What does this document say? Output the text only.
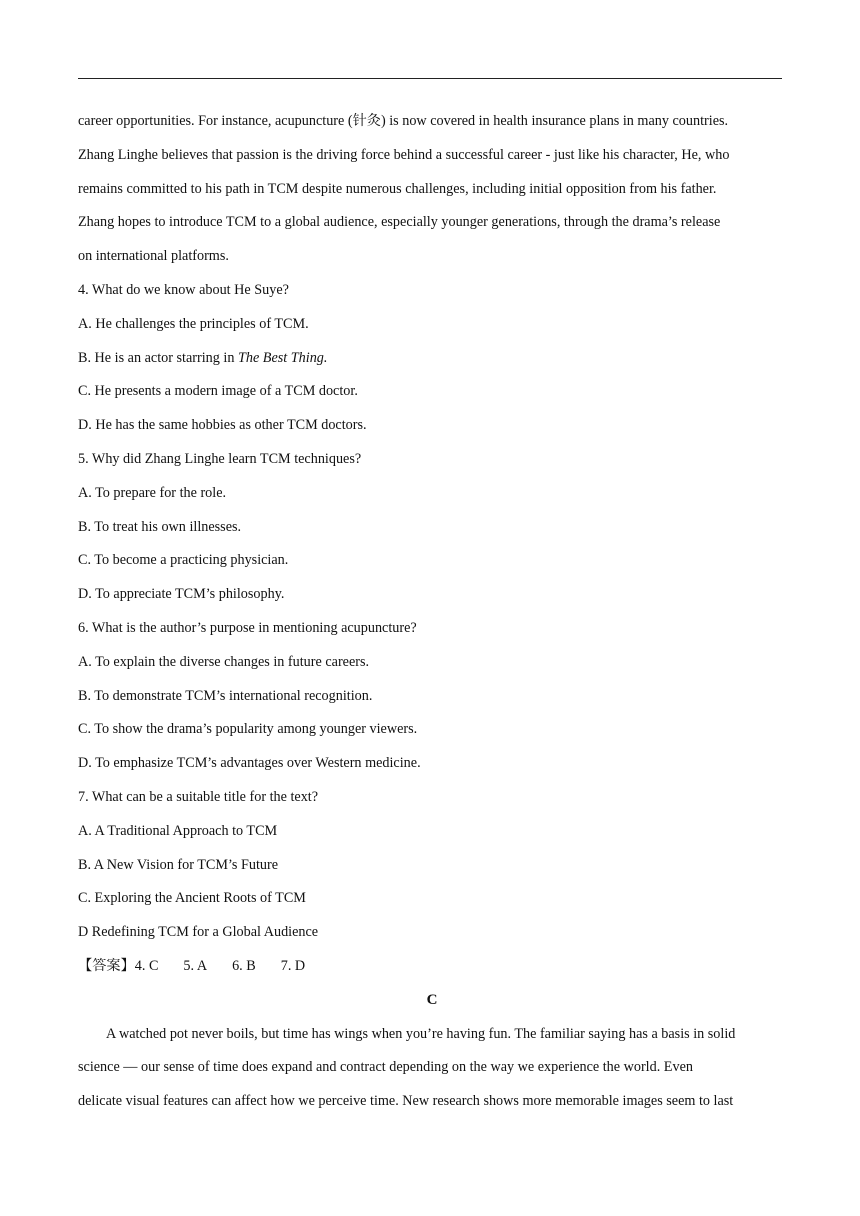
career opportunities. For instance, acupuncture (针灸) is now covered in health insurance plans in many countries.
Zhang Linghe believes that passion is the driving force behind a successful career - just like his character, He, who
remains committed to his path in TCM despite numerous challenges, including initial opposition from his father.
Zhang hopes to introduce TCM to a global audience, especially younger generations, through the drama’s release
on international platforms.
4. What do we know about He Suye?
A. He challenges the principles of TCM.
B. He is an actor starring in The Best Thing.
C. He presents a modern image of a TCM doctor.
D. He has the same hobbies as other TCM doctors.
5. Why did Zhang Linghe learn TCM techniques?
A. To prepare for the role.
B. To treat his own illnesses.
C. To become a practicing physician.
D. To appreciate TCM’s philosophy.
6. What is the author’s purpose in mentioning acupuncture?
A. To explain the diverse changes in future careers.
B. To demonstrate TCM’s international recognition.
C. To show the drama’s popularity among younger viewers.
D. To emphasize TCM’s advantages over Western medicine.
7. What can be a suitable title for the text?
A. A Traditional Approach to TCM
B. A New Vision for TCM’s Future
C. Exploring the Ancient Roots of TCM
D Redefining TCM for a Global Audience
【答案】4. C 5. A 6. B 7. D
C
A watched pot never boils, but time has wings when you’re having fun. The familiar saying has a basis in solid
science — our sense of time does expand and contract depending on the way we experience the world. Even
delicate visual features can affect how we perceive time. New research shows more memorable images seem to last
